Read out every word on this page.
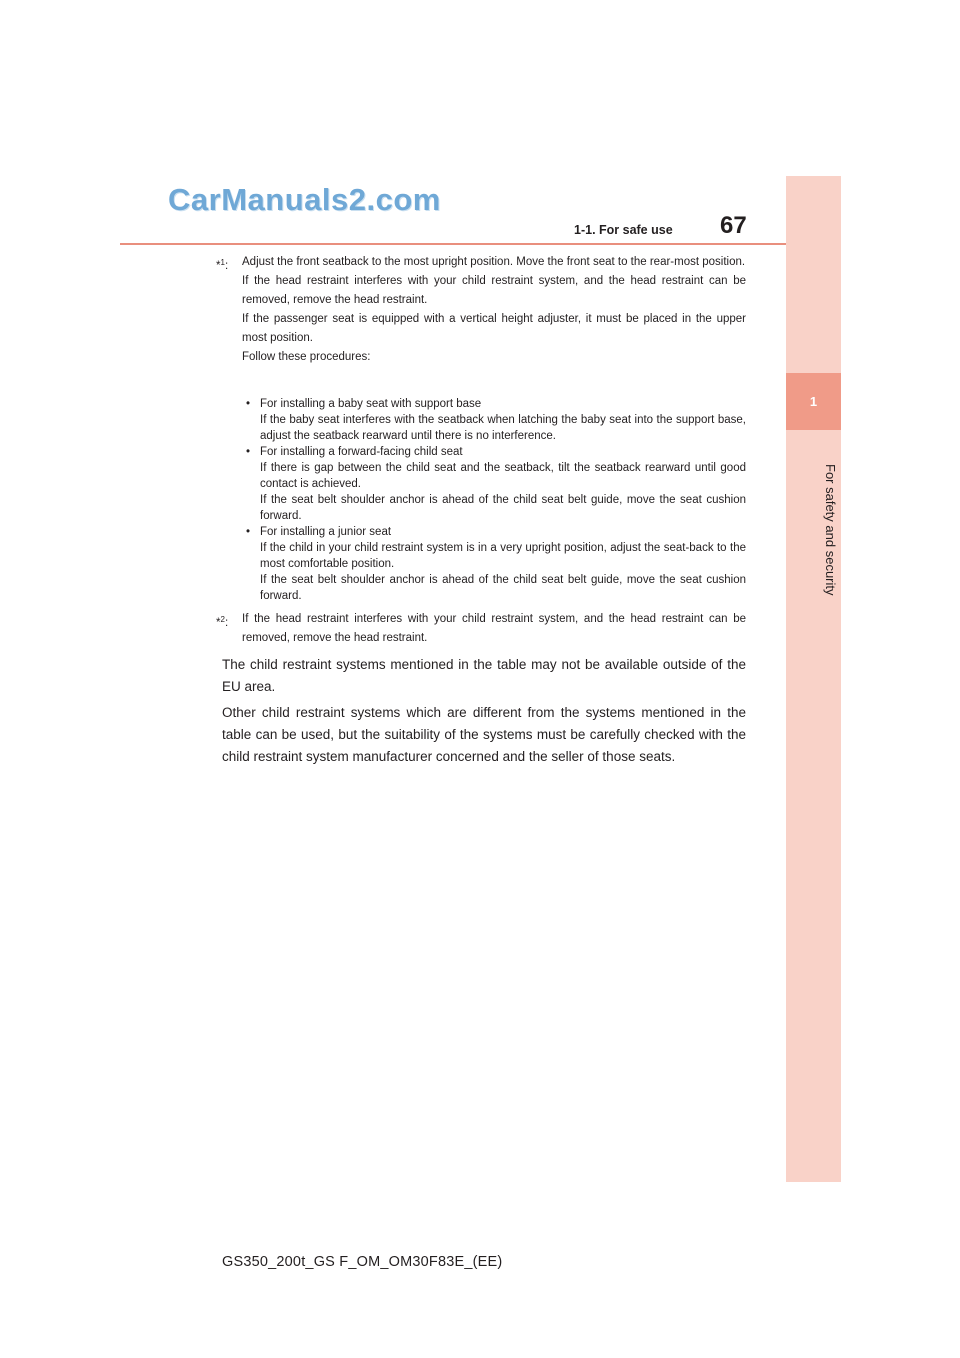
CarManuals2.com
1-1. For safe use 67
1
For safety and security
*$^1$: Adjust the front seatback to the most upright position. Move the front seat to the rear-most position.

If the head restraint interferes with your child restraint system, and the head restraint can be removed, remove the head restraint.

If the passenger seat is equipped with a vertical height adjuster, it must be placed in the upper most position.

Follow these procedures:

• For installing a baby seat with support base
If the baby seat interferes with the seatback when latching the baby seat into the support base, adjust the seatback rearward until there is no interference.
• For installing a forward-facing child seat
If there is gap between the child seat and the seatback, tilt the seatback rearward until good contact is achieved.
If the seat belt shoulder anchor is ahead of the child seat belt guide, move the seat cushion forward.
• For installing a junior seat
If the child in your child restraint system is in a very upright position, adjust the seat-back to the most comfortable position.
If the seat belt shoulder anchor is ahead of the child seat belt guide, move the seat cushion forward.
*$^2$: If the head restraint interferes with your child restraint system, and the head restraint can be removed, remove the head restraint.

The child restraint systems mentioned in the table may not be available outside of the EU area.

Other child restraint systems which are different from the systems mentioned in the table can be used, but the suitability of the systems must be carefully checked with the child restraint system manufacturer concerned and the seller of those seats.

GS350_200t_GS F_OM_OM30F83E_(EE)
